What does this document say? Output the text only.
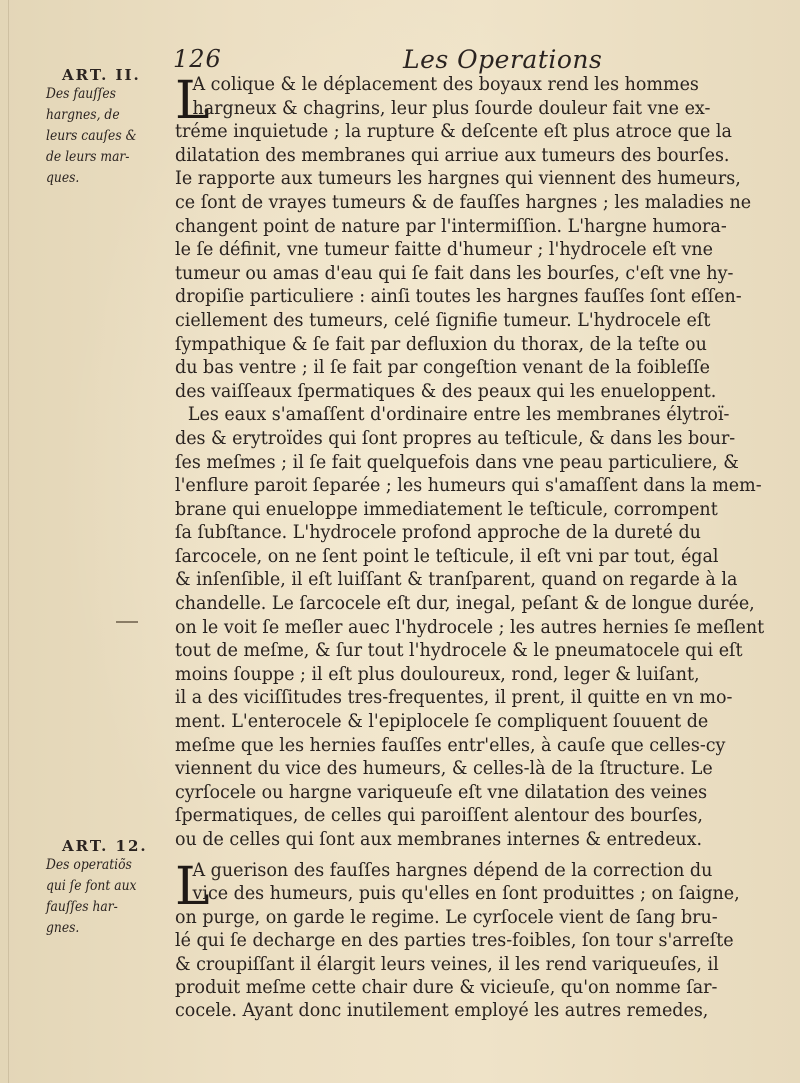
126	Les Operations

ART. II.

Des fauſſes

hargnes, de

leurs cauſes &

de leurs mar-

ques.

ART. 12.

Des operatiõs

qui ſe font aux

fauſſes har-

gnes.

L

A colique & le déplacement des boyaux rend les hommes

hargneux & chagrins, leur plus ſourde douleur fait vne ex-

tréme inquietude ; la rupture & deſcente eſt plus atroce que la

dilatation des membranes qui arriue aux tumeurs des bourſes.

Ie rapporte aux tumeurs les hargnes qui viennent des humeurs,

ce ſont de vrayes tumeurs & de fauſſes hargnes ; les maladies ne

changent point de nature par l'intermiſſion. L'hargne humora-

le ſe définit, vne tumeur faitte d'humeur ; l'hydrocele eſt vne

tumeur ou amas d'eau qui ſe fait dans les bourſes, c'eſt vne hy-

dropiſie particuliere : ainſi toutes les hargnes fauſſes ſont eſſen-

ciellement des tumeurs, celé ſignifie tumeur. L'hydrocele eſt

ſympathique & ſe fait par defluxion du thorax, de la teſte ou

du bas ventre ; il ſe fait par congeſtion venant de la foibleſſe

des vaiſſeaux ſpermatiques & des peaux qui les enueloppent.

Les eaux s'amaſſent d'ordinaire entre les membranes élytroï-

des & erytroïdes qui ſont propres au teſticule, & dans les bour-

ſes meſmes ; il ſe fait quelquefois dans vne peau particuliere, &

l'enflure paroit ſeparée ; les humeurs qui s'amaſſent dans la mem-

brane qui enueloppe immediatement le teſticule, corrompent

ſa ſubſtance. L'hydrocele profond approche de la dureté du

ſarcocele, on ne ſent point le teſticule, il eſt vni par tout, égal

& inſenſible, il eſt luiſſant & tranſparent, quand on regarde à la

chandelle. Le ſarcocele eſt dur, inegal, peſant & de longue durée,

on le voit ſe meſler auec l'hydrocele ; les autres hernies ſe meſlent

tout de meſme, & ſur tout l'hydrocele & le pneumatocele qui eſt

moins ſouppe ; il eſt plus douloureux, rond, leger & luiſant,

il a des viciſſitudes tres-frequentes, il prent, il quitte en vn mo-

ment. L'enterocele & l'epiplocele ſe compliquent ſouuent de

meſme que les hernies fauſſes entr'elles, à cauſe que celles-cy

viennent du vice des humeurs, & celles-là de la ſtructure. Le

cyrſocele ou hargne variqueuſe eſt vne dilatation des veines

ſpermatiques, de celles qui paroiſſent alentour des bourſes,

ou de celles qui ſont aux membranes internes & entredeux.

L

A guerison des fauſſes hargnes dépend de la correction du

vice des humeurs, puis qu'elles en ſont produittes ; on ſaigne,

on purge, on garde le regime. Le cyrſocele vient de ſang bru-

lé qui ſe decharge en des parties tres-foibles, ſon tour s'arreſte

& croupiſſant il élargit leurs veines, il les rend variqueuſes, il

produit meſme cette chair dure & vicieuſe, qu'on nomme ſar-

cocele. Ayant donc inutilement employé les autres remedes,
